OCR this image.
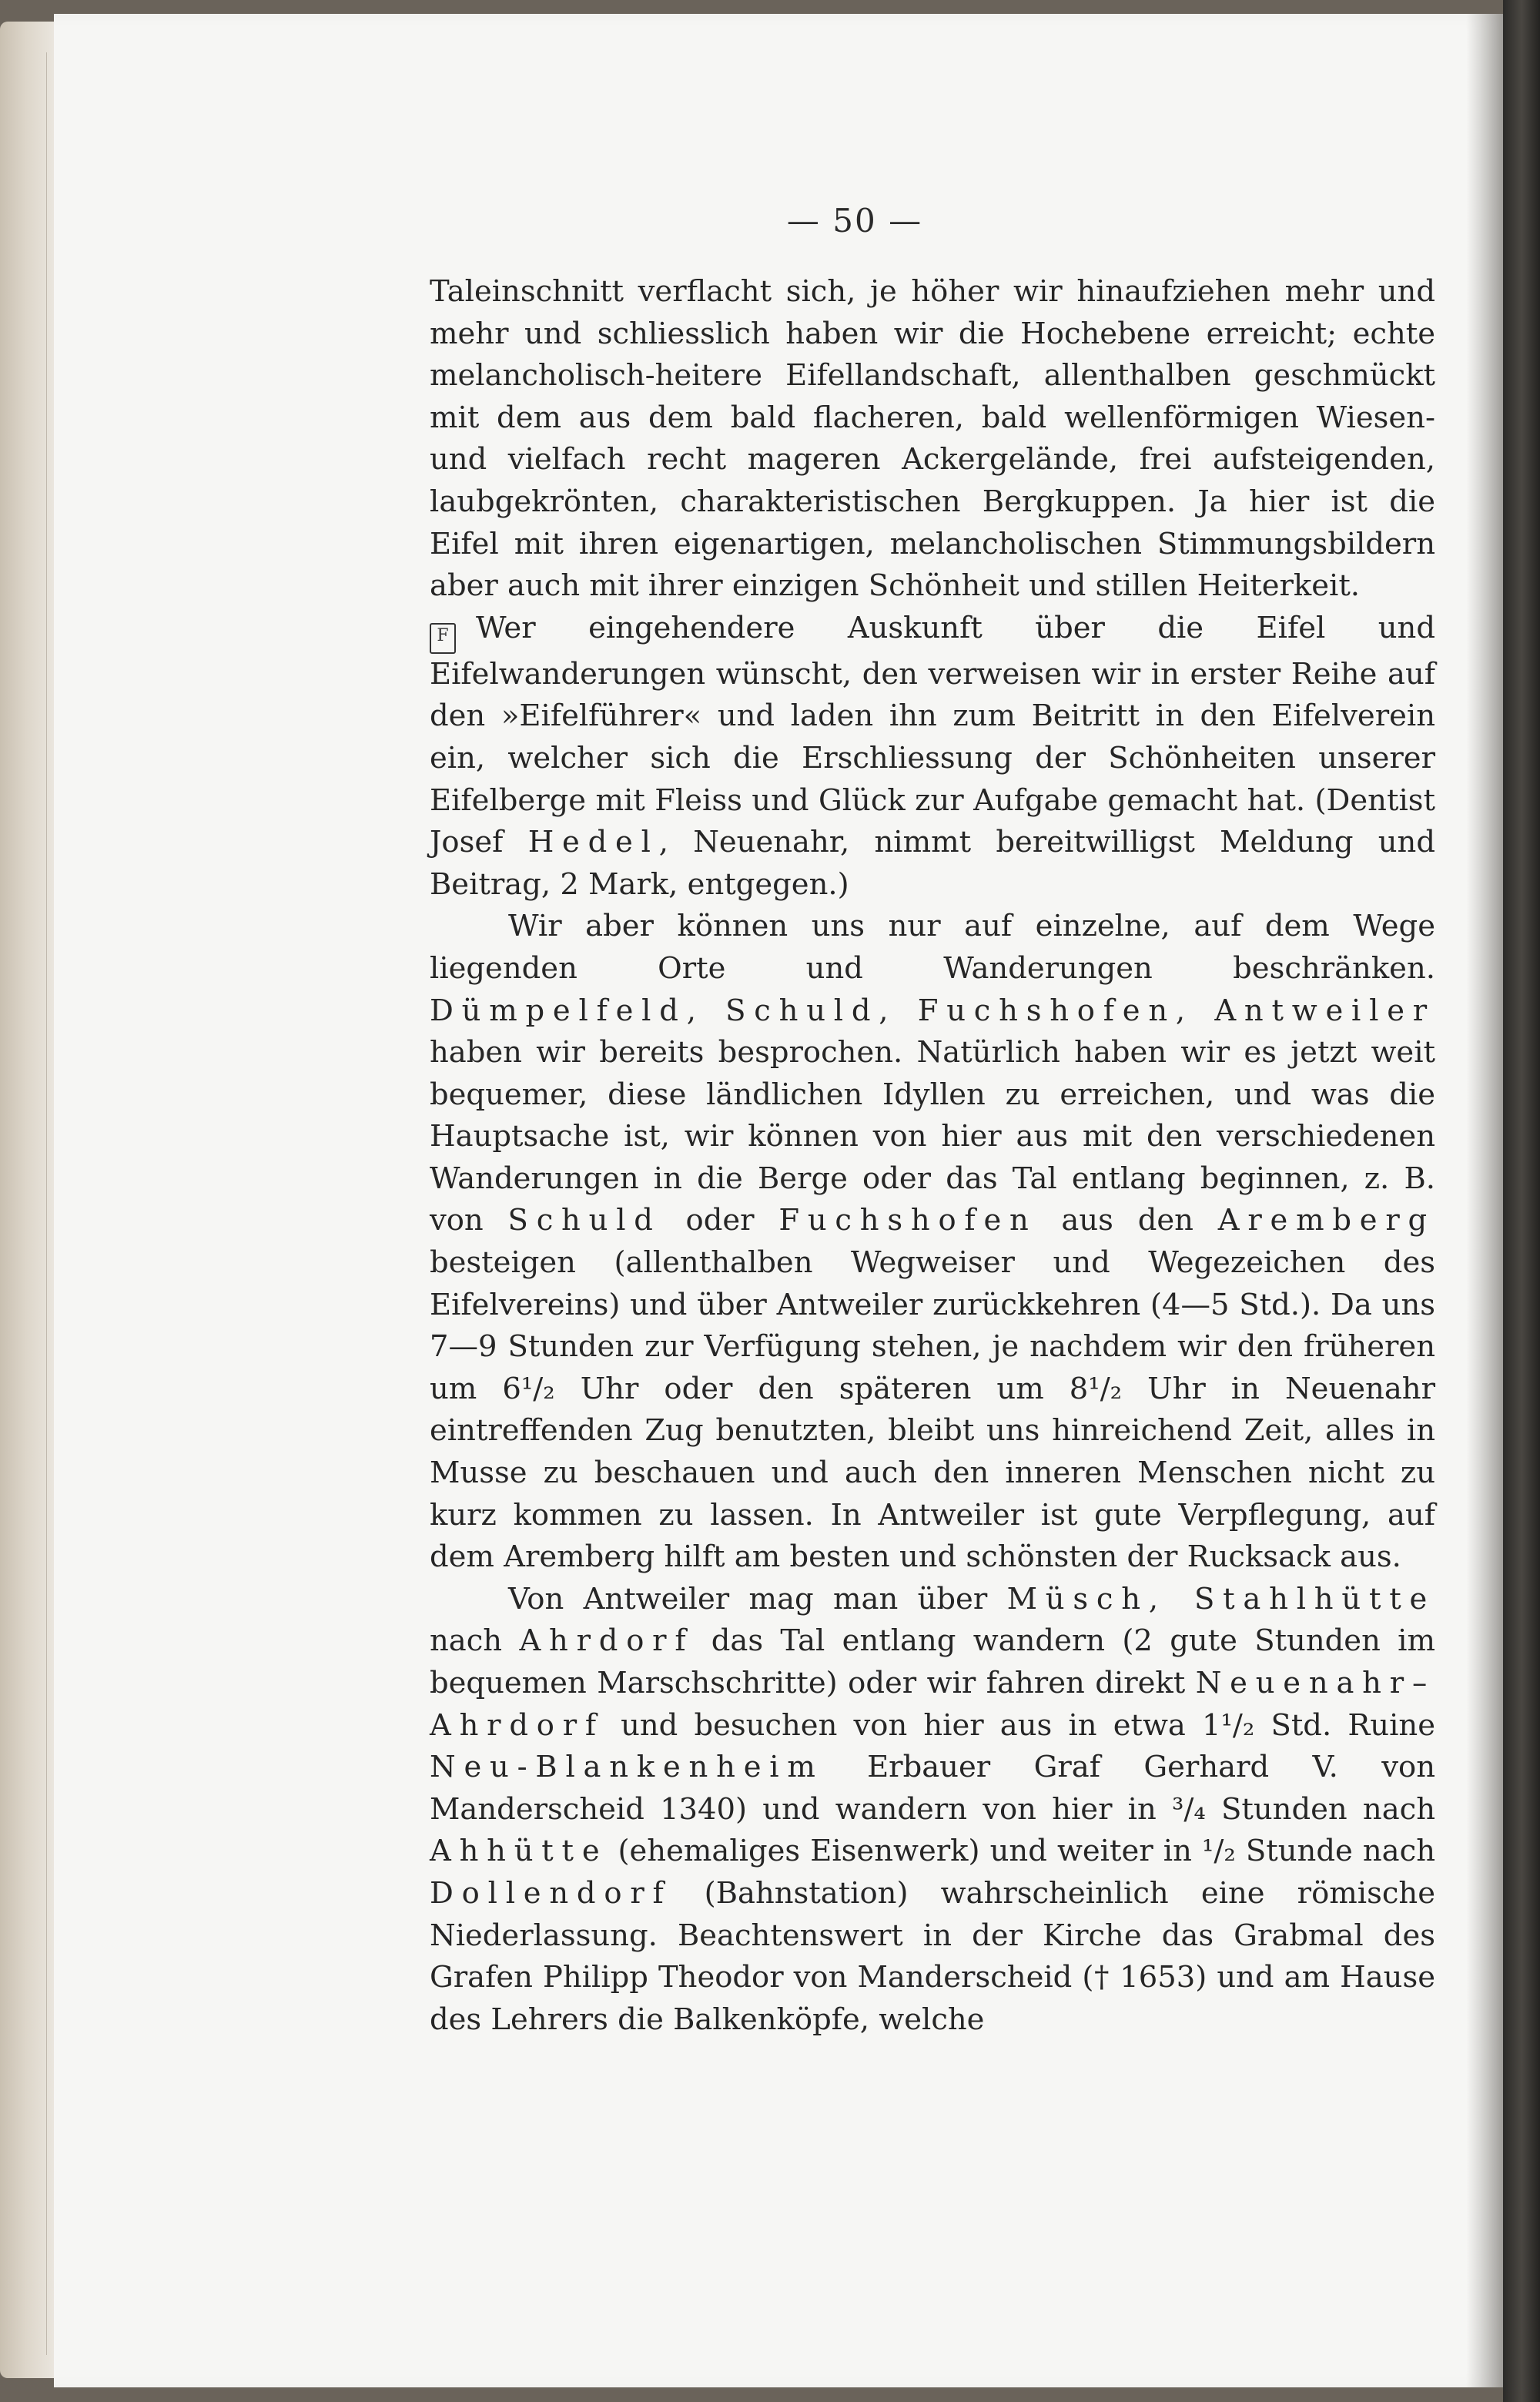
— 50 —

Taleinschnitt verflacht sich, je höher wir hinaufziehen mehr und mehr und schliesslich haben wir die Hochebene erreicht; echte melancholisch-heitere Eifellandschaft, allenthalben geschmückt mit dem aus dem bald flacheren, bald wellenförmigen Wiesen- und vielfach recht mageren Ackergelände, frei aufsteigenden, laubgekrönten, charakteristischen Bergkuppen. Ja hier ist die Eifel mit ihren eigenartigen, melancholischen Stimmungsbildern aber auch mit ihrer einzigen Schönheit und stillen Heiterkeit.

F Wer eingehendere Auskunft über die Eifel und Eifelwanderungen wünscht, den verweisen wir in erster Reihe auf den »Eifelführer« und laden ihn zum Beitritt in den Eifelverein ein, welcher sich die Erschliessung der Schönheiten unserer Eifelberge mit Fleiss und Glück zur Aufgabe gemacht hat. (Dentist Josef Hedel, Neuenahr, nimmt bereitwilligst Meldung und Beitrag, 2 Mark, entgegen.)

Wir aber können uns nur auf einzelne, auf dem Wege liegenden Orte und Wanderungen beschränken. Dümpelfeld, Schuld, Fuchshofen, Antweiler haben wir bereits besprochen. Natürlich haben wir es jetzt weit bequemer, diese ländlichen Idyllen zu erreichen, und was die Hauptsache ist, wir können von hier aus mit den verschiedenen Wanderungen in die Berge oder das Tal entlang beginnen, z. B. von Schuld oder Fuchshofen aus den Aremberg besteigen (allenthalben Wegweiser und Wegezeichen des Eifelvereins) und über Antweiler zurückkehren (4—5 Std.). Da uns 7—9 Stunden zur Verfügung stehen, je nachdem wir den früheren um 6¹/₂ Uhr oder den späteren um 8¹/₂ Uhr in Neuenahr eintreffenden Zug benutzten, bleibt uns hinreichend Zeit, alles in Musse zu beschauen und auch den inneren Menschen nicht zu kurz kommen zu lassen. In Antweiler ist gute Verpflegung, auf dem Aremberg hilft am besten und schönsten der Rucksack aus.

Von Antweiler mag man über Müsch, Stahlhütte nach Ahrdorf das Tal entlang wandern (2 gute Stunden im bequemen Marschschritte) oder wir fahren direkt Neuenahr–Ahrdorf und besuchen von hier aus in etwa 1¹/₂ Std. Ruine Neu-Blankenheim Erbauer Graf Gerhard V. von Manderscheid 1340) und wandern von hier in ³/₄ Stunden nach Ahhütte (ehemaliges Eisenwerk) und weiter in ¹/₂ Stunde nach Dollendorf (Bahnstation) wahrscheinlich eine römische Niederlassung. Beachtenswert in der Kirche das Grabmal des Grafen Philipp Theodor von Manderscheid († 1653) und am Hause des Lehrers die Balkenköpfe, welche
